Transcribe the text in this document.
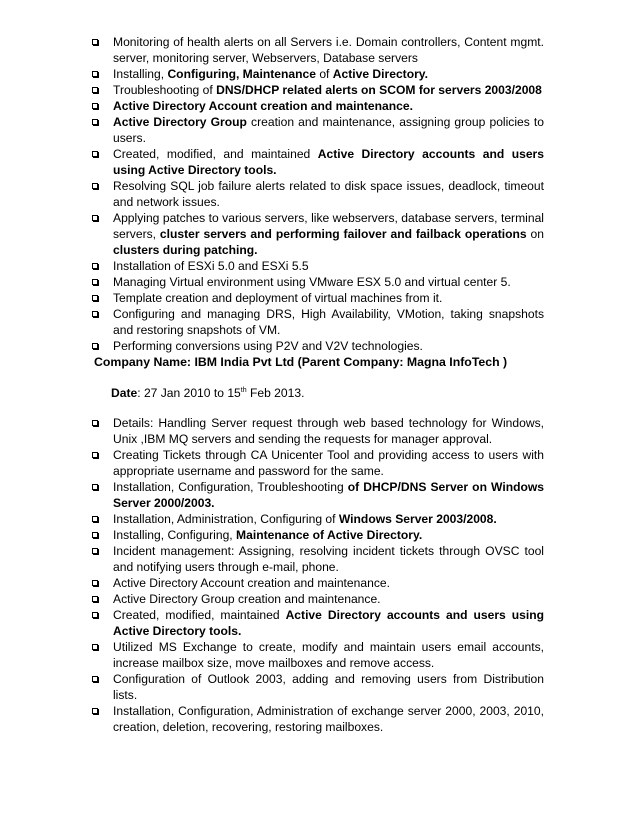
Monitoring of health alerts on all Servers i.e. Domain controllers, Content mgmt. server, monitoring server, Webservers, Database servers
Installing, Configuring, Maintenance of Active Directory.
Troubleshooting of DNS/DHCP related alerts on SCOM for servers 2003/2008
Active Directory Account creation and maintenance.
Active Directory Group creation and maintenance, assigning group policies to users.
Created, modified, and maintained Active Directory accounts and users using Active Directory tools.
Resolving SQL job failure alerts related to disk space issues, deadlock, timeout and network issues.
Applying patches to various servers, like webservers, database servers, terminal servers, cluster servers and performing failover and failback operations on clusters during patching.
Installation of ESXi 5.0 and ESXi 5.5
Managing Virtual environment using VMware ESX 5.0 and virtual center 5.
Template creation and deployment of virtual machines from it.
Configuring and managing DRS, High Availability, VMotion, taking snapshots and restoring snapshots of VM.
Performing conversions using P2V and V2V technologies.
Company Name: IBM India Pvt Ltd (Parent Company: Magna InfoTech )
Date: 27 Jan 2010 to 15th Feb 2013.
Details: Handling Server request through web based technology for Windows, Unix ,IBM MQ servers and sending the requests for manager approval.
Creating Tickets through CA Unicenter Tool and providing access to users with appropriate username and password for the same.
Installation, Configuration, Troubleshooting of DHCP/DNS Server on Windows Server 2000/2003.
Installation, Administration, Configuring of Windows Server 2003/2008.
Installing, Configuring, Maintenance of Active Directory.
Incident management: Assigning, resolving incident tickets through OVSC tool and notifying users through e-mail, phone.
Active Directory Account creation and maintenance.
Active Directory Group creation and maintenance.
Created, modified, maintained Active Directory accounts and users using Active Directory tools.
Utilized MS Exchange to create, modify and maintain users email accounts, increase mailbox size, move mailboxes and remove access.
Configuration of Outlook 2003, adding and removing users from Distribution lists.
Installation, Configuration, Administration of exchange server 2000, 2003, 2010, creation, deletion, recovering, restoring mailboxes.
